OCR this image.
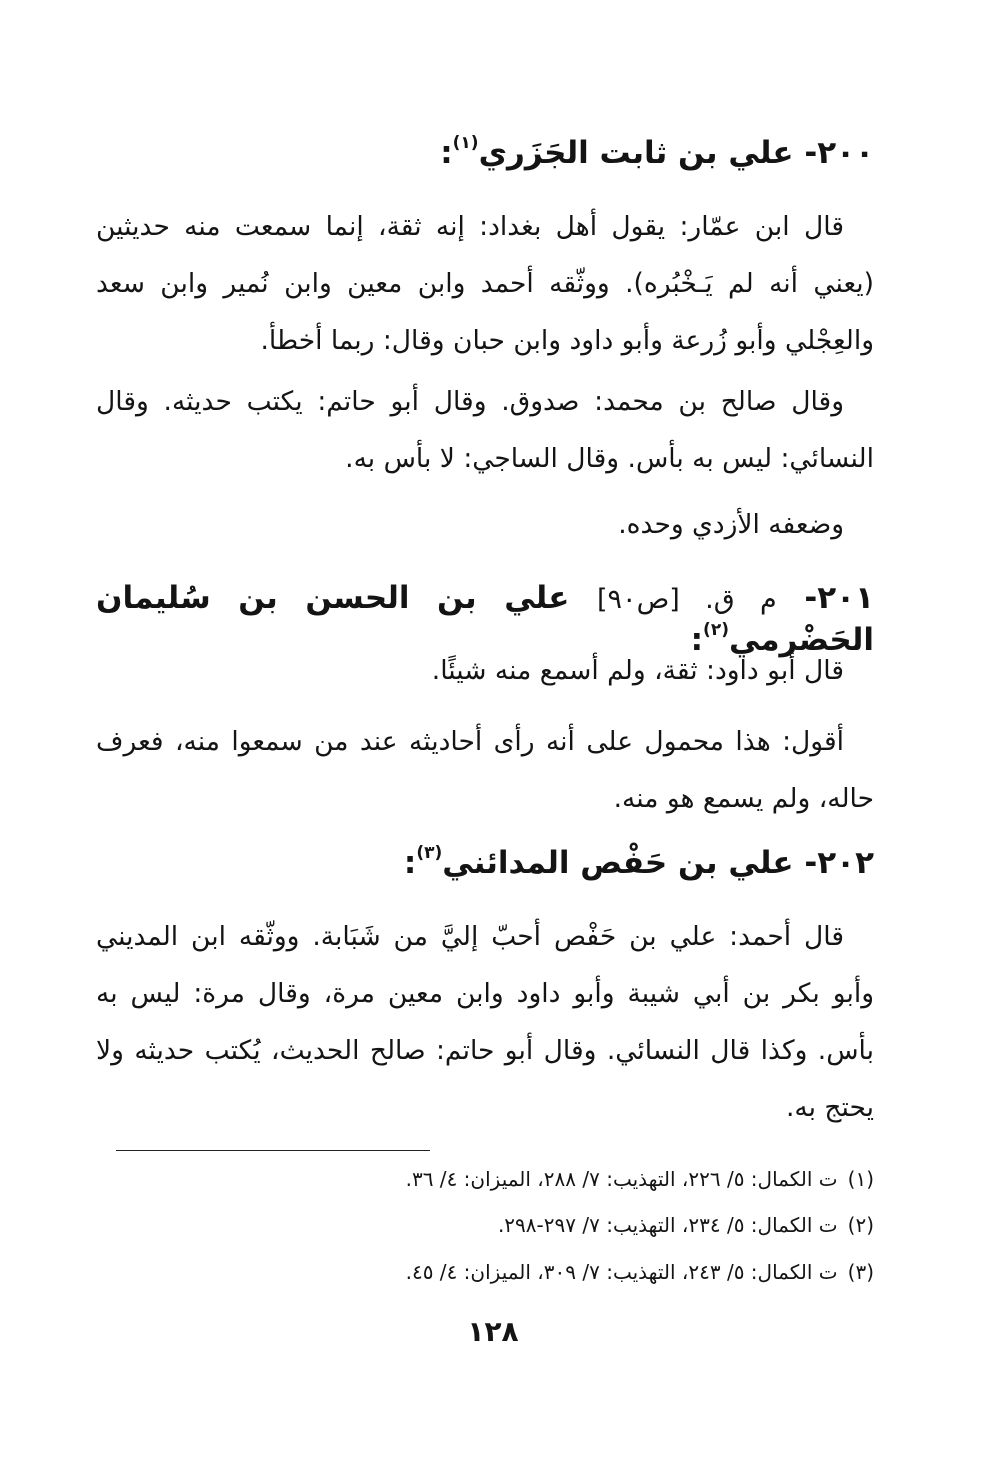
٢٠٠- علي بن ثابت الجَزَري$^{(١)}$:

قال ابن عمّار: يقول أهل بغداد: إنه ثقة، إنما سمعت منه حديثين (يعني أنه لم يَـخْبُره). ووثّقه أحمد وابن معين وابن نُمير وابن سعد والعِجْلي وأبو زُرعة وأبو داود وابن حبان وقال: ربما أخطأ.

وقال صالح بن محمد: صدوق. وقال أبو حاتم: يكتب حديثه. وقال النسائي: ليس به بأس. وقال الساجي: لا بأس به.

وضعفه الأزدي وحده.

٢٠١- م ق. [ص٩٠] علي بن الحسن بن سُليمان الحَضْرمي$^{(٢)}$:

قال أبو داود: ثقة، ولم أسمع منه شيئًا.

أقول: هذا محمول على أنه رأى أحاديثه عند من سمعوا منه، فعرف حاله، ولم يسمع هو منه.

٢٠٢- علي بن حَفْص المدائني$^{(٣)}$:

قال أحمد: علي بن حَفْص أحبّ إليَّ من شَبَابة. ووثّقه ابن المديني وأبو بكر بن أبي شيبة وأبو داود وابن معين مرة، وقال مرة: ليس به بأس. وكذا قال النسائي. وقال أبو حاتم: صالح الحديث، يُكتب حديثه ولا يحتج به.

(١)ت الكمال: ٥/ ٢٢٦، التهذيب: ٧/ ٢٨٨، الميزان: ٤/ ٣٦.
(٢)ت الكمال: ٥/ ٢٣٤، التهذيب: ٧/ ٢٩٧-٢٩٨.
(٣)ت الكمال: ٥/ ٢٤٣، التهذيب: ٧/ ٣٠٩، الميزان: ٤/ ٤٥.
١٢٨
